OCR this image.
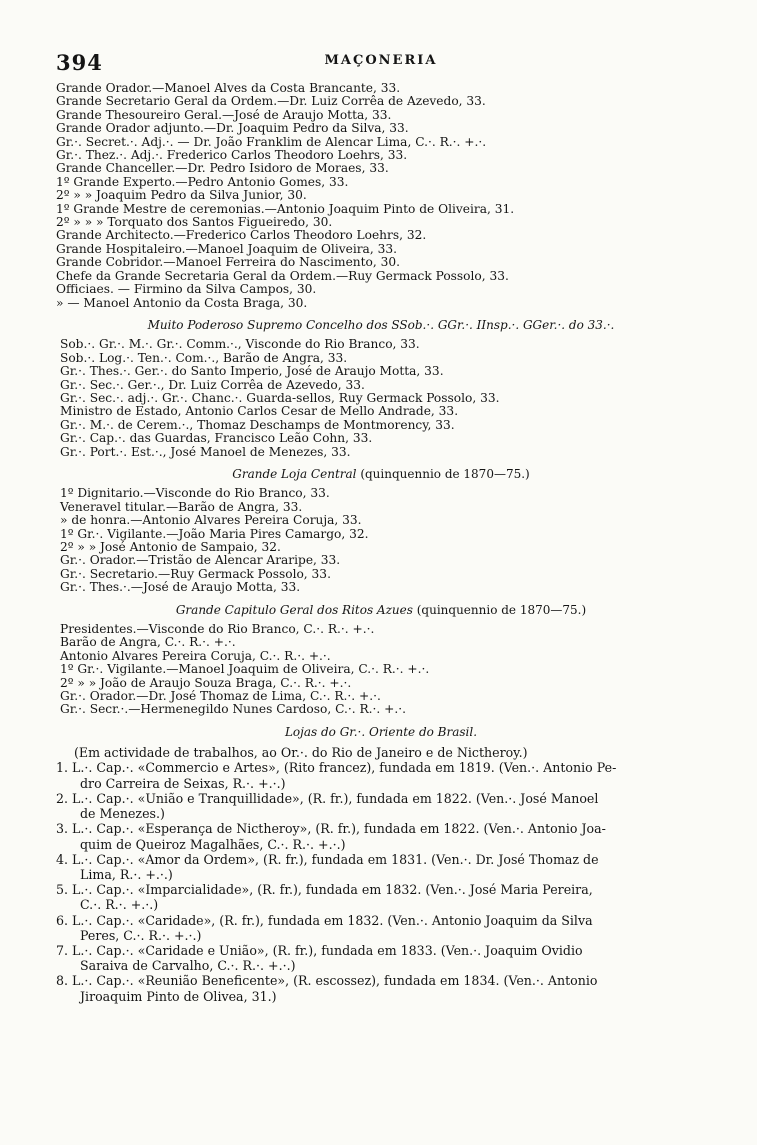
394	MAÇONERIA
Grande Orador.—Manoel Alves da Costa Brancante, 33.
Grande Secretario Geral da Ordem.—Dr. Luiz Corrêa de Azevedo, 33.
Grande Thesoureiro Geral.—José de Araujo Motta, 33.
Grande Orador adjunto.—Dr. Joaquim Pedro da Silva, 33.
Gr.·. Secret.·. Adj.·. — Dr. João Franklim de Alencar Lima, C.·. R.·. +.·.
Gr.·. Thez.·. Adj.·. Frederico Carlos Theodoro Loehrs, 33.
Grande Chanceller.—Dr. Pedro Isidoro de Moraes, 33.
1º Grande Experto.—Pedro Antonio Gomes, 33.
2º » » Joaquim Pedro da Silva Junior, 30.
1º Grande Mestre de ceremonias.—Antonio Joaquim Pinto de Oliveira, 31.
2º » » » Torquato dos Santos Figueiredo, 30.
Grande Architecto.—Frederico Carlos Theodoro Loehrs, 32.
Grande Hospitaleiro.—Manoel Joaquim de Oliveira, 33.
Grande Cobridor.—Manoel Ferreira do Nascimento, 30.
Chefe da Grande Secretaria Geral da Ordem.—Ruy Germack Possolo, 33.
Officiaes. — Firmino da Silva Campos, 30.
» — Manoel Antonio da Costa Braga, 30.
Muito Poderoso Supremo Concelho dos SSob.·. GGr.·. IInsp.·. GGer.·. do 33.·.
Sob.·. Gr.·. M.·. Gr.·. Comm.·., Visconde do Rio Branco, 33.
Sob.·. Log.·. Ten.·. Com.·., Barão de Angra, 33.
Gr.·. Thes.·. Ger.·. do Santo Imperio, José de Araujo Motta, 33.
Gr.·. Sec.·. Ger.·., Dr. Luiz Corrêa de Azevedo, 33.
Gr.·. Sec.·. adj.·. Gr.·. Chanc.·. Guarda-sellos, Ruy Germack Possolo, 33.
Ministro de Estado, Antonio Carlos Cesar de Mello Andrade, 33.
Gr.·. M.·. de Cerem.·., Thomaz Deschamps de Montmorency, 33.
Gr.·. Cap.·. das Guardas, Francisco Leão Cohn, 33.
Gr.·. Port.·. Est.·., José Manoel de Menezes, 33.
Grande Loja Central (quinquennio de 1870—75.)
1º Dignitario.—Visconde do Rio Branco, 33.
Veneravel titular.—Barão de Angra, 33.
» de honra.—Antonio Alvares Pereira Coruja, 33.
1º Gr.·. Vigilante.—João Maria Pires Camargo, 32.
2º » » José Antonio de Sampaio, 32.
Gr.·. Orador.—Tristão de Alencar Araripe, 33.
Gr.·. Secretario.—Ruy Germack Possolo, 33.
Gr.·. Thes.·.—José de Araujo Motta, 33.
Grande Capitulo Geral dos Ritos Azues (quinquennio de 1870—75.)
Presidentes.—Visconde do Rio Branco, C.·. R.·. +.·.
Barão de Angra, C.·. R.·. +.·.
Antonio Alvares Pereira Coruja, C.·. R.·. +.·.
1º Gr.·. Vigilante.—Manoel Joaquim de Oliveira, C.·. R.·. +.·.
2º » » João de Araujo Souza Braga, C.·. R.·. +.·.
Gr.·. Orador.—Dr. José Thomaz de Lima, C.·. R.·. +.·.
Gr.·. Secr.·.—Hermenegildo Nunes Cardoso, C.·. R.·. +.·.
Lojas do Gr.·. Oriente do Brasil.
(Em actividade de trabalhos, ao Or.·. do Rio de Janeiro e de Nictheroy.)
1. L.·. Cap.·. «Commercio e Artes», (Rito francez), fundada em 1819. (Ven.·. Antonio Pe-
dro Carreira de Seixas, R.·. +.·.)
2. L.·. Cap.·. «União e Tranquillidade», (R. fr.), fundada em 1822. (Ven.·. José Manoel
de Menezes.)
3. L.·. Cap.·. «Esperança de Nictheroy», (R. fr.), fundada em 1822. (Ven.·. Antonio Joa-
quim de Queiroz Magalhães, C.·. R.·. +.·.)
4. L.·. Cap.·. «Amor da Ordem», (R. fr.), fundada em 1831. (Ven.·. Dr. José Thomaz de
Lima, R.·. +.·.)
5. L.·. Cap.·. «Imparcialidade», (R. fr.), fundada em 1832. (Ven.·. José Maria Pereira,
C.·. R.·. +.·.)
6. L.·. Cap.·. «Caridade», (R. fr.), fundada em 1832. (Ven.·. Antonio Joaquim da Silva
Peres, C.·. R.·. +.·.)
7. L.·. Cap.·. «Caridade e União», (R. fr.), fundada em 1833. (Ven.·. Joaquim Ovidio
Saraiva de Carvalho, C.·. R.·. +.·.)
8. L.·. Cap.·. «Reunião Beneficente», (R. escossez), fundada em 1834. (Ven.·. Antonio
Jiroaquim Pinto de Olivea, 31.)
